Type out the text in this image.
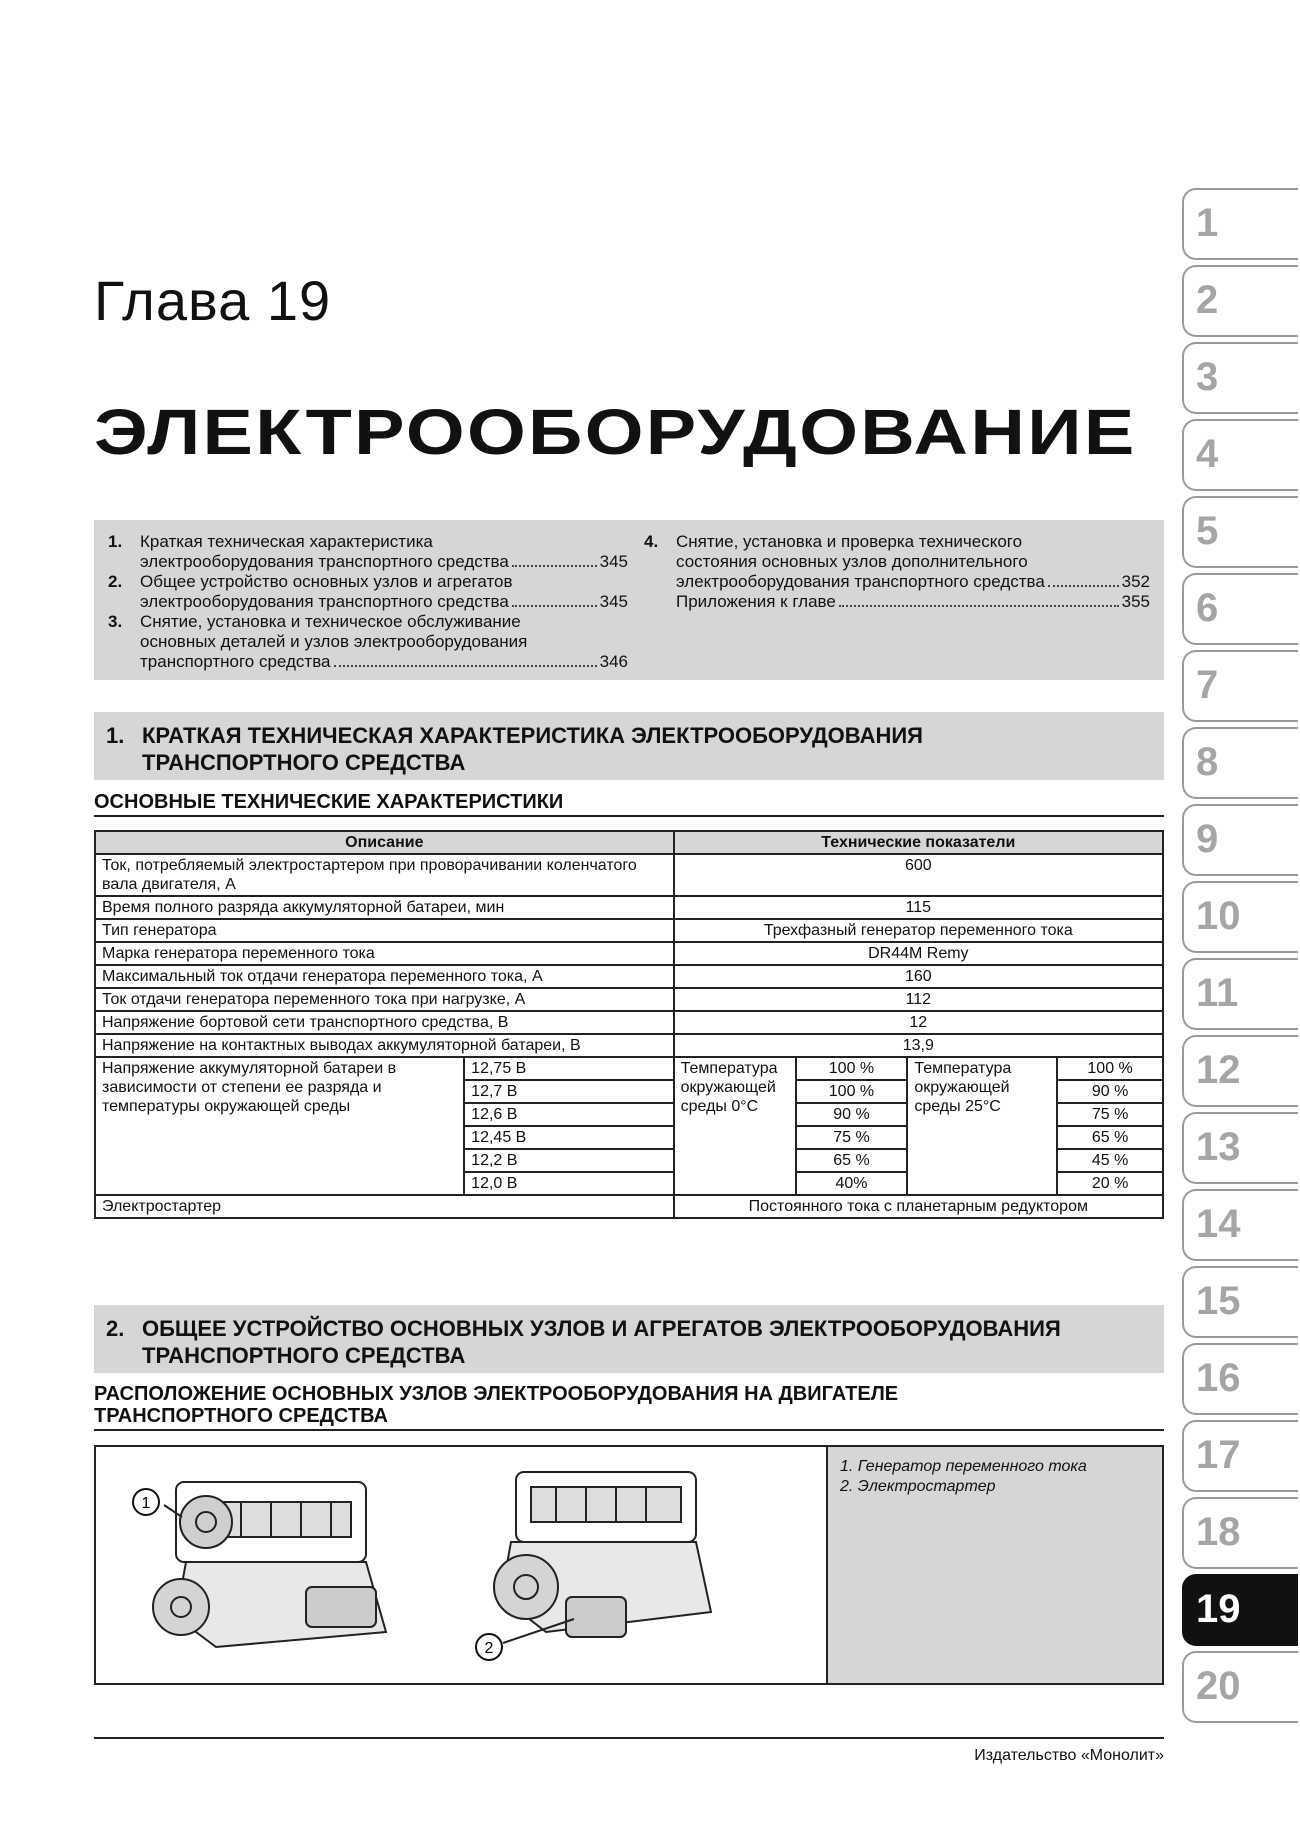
Глава 19
ЭЛЕКТРООБОРУДОВАНИЕ
1.	Краткая техническая характеристика
электрооборудования транспортного средства	345
2.	Общее устройство основных узлов и агрегатов
электрооборудования транспортного средства	345
3.	Снятие, установка и техническое обслуживание
основных деталей и узлов электрооборудования
транспортного средства	346
4.	Снятие, установка и проверка технического
состояния основных узлов дополнительного
электрооборудования транспортного средства	352
Приложения к главе	355
1. КРАТКАЯ ТЕХНИЧЕСКАЯ ХАРАКТЕРИСТИКА ЭЛЕКТРООБОРУДОВАНИЯ
ТРАНСПОРТНОГО СРЕДСТВА
ОСНОВНЫЕ ТЕХНИЧЕСКИЕ ХАРАКТЕРИСТИКИ
Описание		Технические показатели			
Ток, потребляемый электростартером при проворачивании коленчатого вала двигателя, А		600			
Время полного разряда аккумуляторной батареи, мин		115			
Тип генератора		Трехфазный генератор переменного тока			
Марка генератора переменного тока		DR44M Remy			
Максимальный ток отдачи генератора переменного тока, А		160			
Ток отдачи генератора переменного тока при нагрузке, А		112			
Напряжение бортовой сети транспортного средства, В		12			
Напряжение на контактных выводах аккумуляторной батареи, В		13,9			
Напряжение аккумуляторной батареи в зависимости от степени ее разряда и температуры окружающей среды	12,75 В	Температура окружающей среды 0°С	100 %	Температура окружающей среды 25°С	100 %
	12,7 В		100 %		90 %
	12,6 В		90 %		75 %
	12,45 В		75 %		65 %
	12,2 В		65 %		45 %
	12,0 В		40%		20 %
Электростартер		Постоянного тока с планетарным редуктором			
2. ОБЩЕЕ УСТРОЙСТВО ОСНОВНЫХ УЗЛОВ И АГРЕГАТОВ ЭЛЕКТРООБОРУДОВАНИЯ
ТРАНСПОРТНОГО СРЕДСТВА
РАСПОЛОЖЕНИЕ ОСНОВНЫХ УЗЛОВ ЭЛЕКТРООБОРУДОВАНИЯ НА ДВИГАТЕЛЕ
ТРАНСПОРТНОГО СРЕДСТВА
1
2
1. Генератор переменного тока
2. Электростартер
Издательство «Монолит»
1
2
3
4
5
6
7
8
9
10
11
12
13
14
15
16
17
18
19
20
